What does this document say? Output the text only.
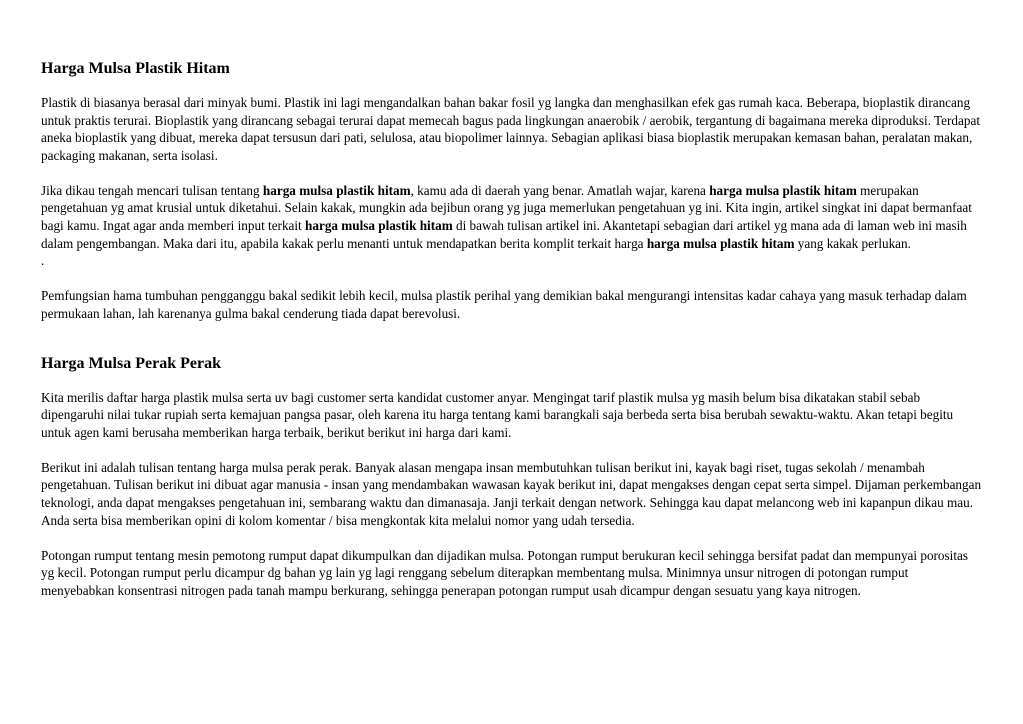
Harga Mulsa Plastik Hitam

Plastik di biasanya berasal dari minyak bumi. Plastik ini lagi mengandalkan bahan bakar fosil yg langka dan menghasilkan efek gas rumah kaca. Beberapa, bioplastik dirancang untuk praktis terurai. Bioplastik yang dirancang sebagai terurai dapat memecah bagus pada lingkungan anaerobik / aerobik, tergantung di bagaimana mereka diproduksi. Terdapat aneka bioplastik yang dibuat, mereka dapat tersusun dari pati, selulosa, atau biopolimer lainnya. Sebagian aplikasi biasa bioplastik merupakan kemasan bahan, peralatan makan, packaging makanan, serta isolasi.

Jika dikau tengah mencari tulisan tentang harga mulsa plastik hitam, kamu ada di daerah yang benar. Amatlah wajar, karena harga mulsa plastik hitam merupakan pengetahuan yg amat krusial untuk diketahui. Selain kakak, mungkin ada bejibun orang yg juga memerlukan pengetahuan yg ini. Kita ingin, artikel singkat ini dapat bermanfaat bagi kamu. Ingat agar anda memberi input terkait harga mulsa plastik hitam di bawah tulisan artikel ini. Akantetapi sebagian dari artikel yg mana ada di laman web ini masih dalam pengembangan. Maka dari itu, apabila kakak perlu menanti untuk mendapatkan berita komplit terkait harga harga mulsa plastik hitam yang kakak perlukan.

.

Pemfungsian hama tumbuhan pengganggu bakal sedikit lebih kecil, mulsa plastik perihal yang demikian bakal mengurangi intensitas kadar cahaya yang masuk terhadap dalam permukaan lahan, lah karenanya gulma bakal cenderung tiada dapat berevolusi.

Harga Mulsa Perak Perak

Kita merilis daftar harga plastik mulsa serta uv bagi customer serta kandidat customer anyar. Mengingat tarif plastik mulsa yg masih belum bisa dikatakan stabil sebab dipengaruhi nilai tukar rupiah serta kemajuan pangsa pasar, oleh karena itu harga tentang kami barangkali saja berbeda serta bisa berubah sewaktu-waktu. Akan tetapi begitu untuk agen kami berusaha memberikan harga terbaik, berikut berikut ini harga dari kami.

Berikut ini adalah tulisan tentang harga mulsa perak perak. Banyak alasan mengapa insan membutuhkan tulisan berikut ini, kayak bagi riset, tugas sekolah / menambah pengetahuan. Tulisan berikut ini dibuat agar manusia - insan yang mendambakan wawasan kayak berikut ini, dapat mengakses dengan cepat serta simpel. Dijaman perkembangan teknologi, anda dapat mengakses pengetahuan ini, sembarang waktu dan dimanasaja. Janji terkait dengan network. Sehingga kau dapat melancong web ini kapanpun dikau mau. Anda serta bisa memberikan opini di kolom komentar / bisa mengkontak kita melalui nomor yang udah tersedia.

Potongan rumput tentang mesin pemotong rumput dapat dikumpulkan dan dijadikan mulsa. Potongan rumput berukuran kecil sehingga bersifat padat dan mempunyai porositas yg kecil. Potongan rumput perlu dicampur dg bahan yg lain yg lagi renggang sebelum diterapkan membentang mulsa. Minimnya unsur nitrogen di potongan rumput menyebabkan konsentrasi nitrogen pada tanah mampu berkurang, sehingga penerapan potongan rumput usah dicampur dengan sesuatu yang kaya nitrogen.
